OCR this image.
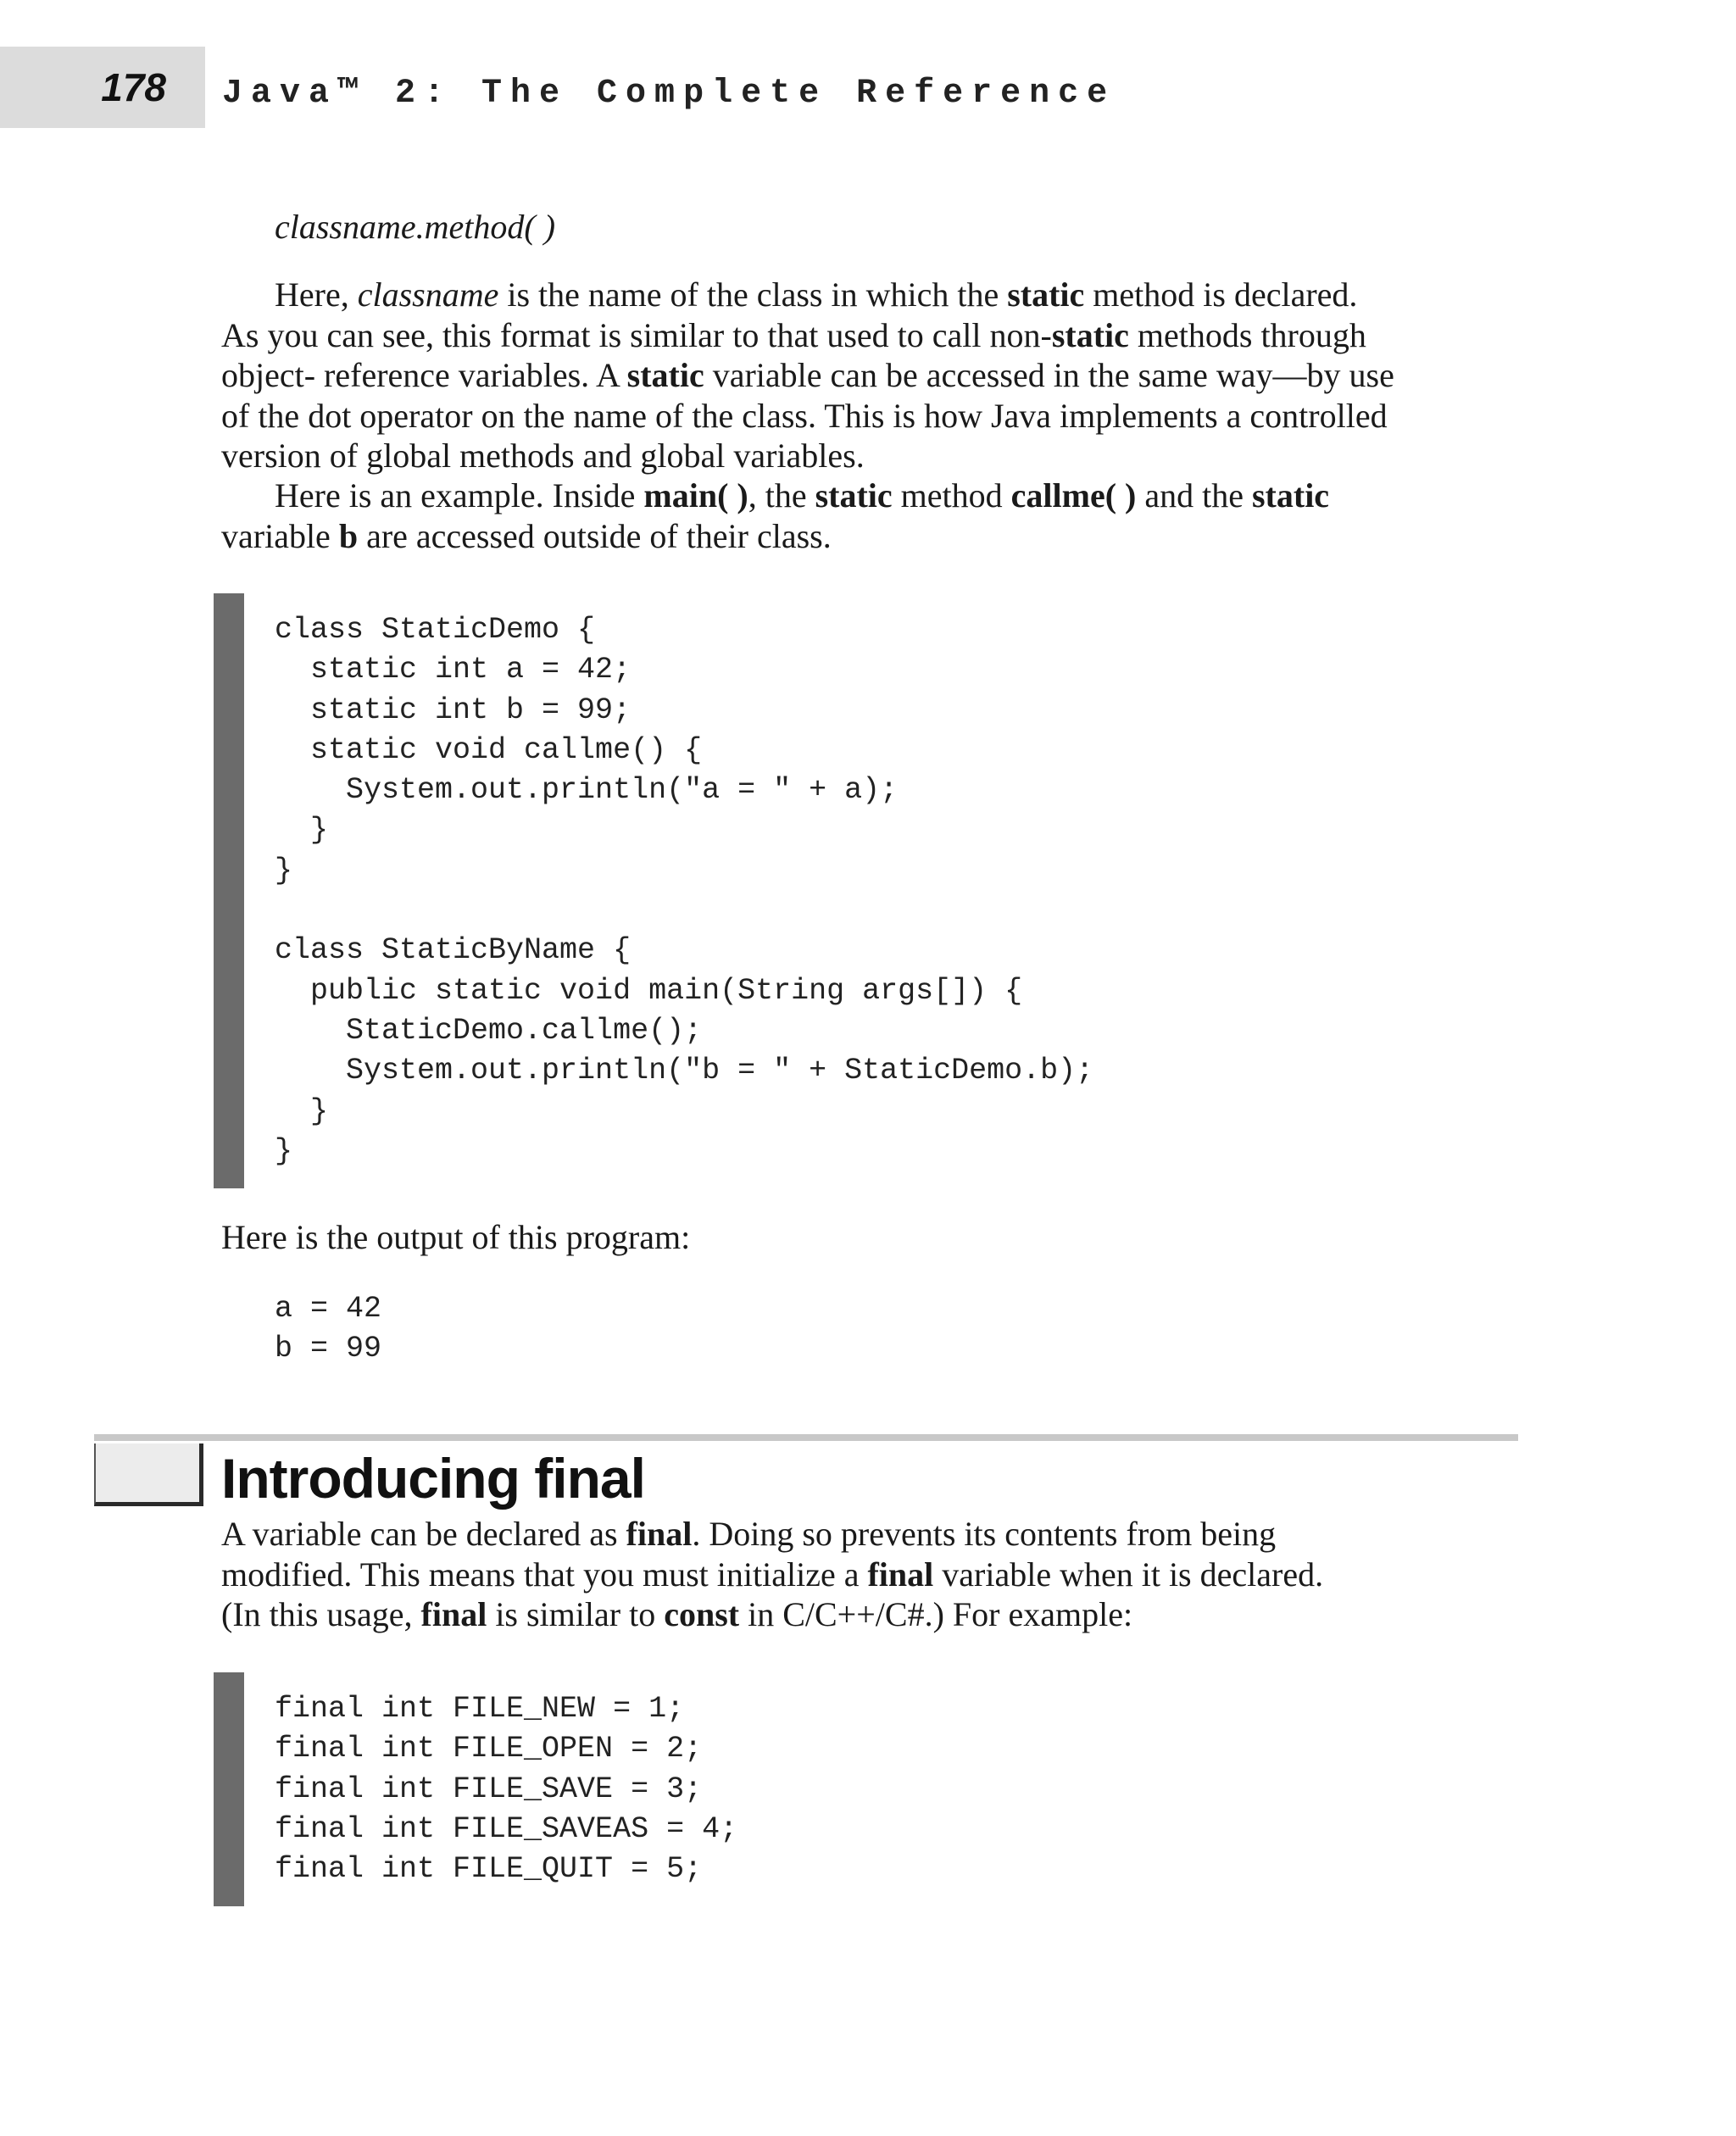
178 Java™ 2: The Complete Reference
classname.method( )
Here, classname is the name of the class in which the static method is declared.
As you can see, this format is similar to that used to call non-static methods through
object- reference variables. A static variable can be accessed in the same way—by use
of the dot operator on the name of the class. This is how Java implements a controlled
version of global methods and global variables.
Here is an example. Inside main( ), the static method callme( ) and the static
variable b are accessed outside of their class.
class StaticDemo {
static int a = 42;
static int b = 99;
static void callme() {
System.out.println("a = " + a);
}
}

class StaticByName {
public static void main(String args[]) {
StaticDemo.callme();
System.out.println("b = " + StaticDemo.b);
}
}
Here is the output of this program:
a = 42
b = 99
Introducing final
A variable can be declared as final. Doing so prevents its contents from being
modified. This means that you must initialize a final variable when it is declared.
(In this usage, final is similar to const in C/C++/C#.) For example:
final int FILE_NEW = 1;
final int FILE_OPEN = 2;
final int FILE_SAVE = 3;
final int FILE_SAVEAS = 4;
final int FILE_QUIT = 5;
